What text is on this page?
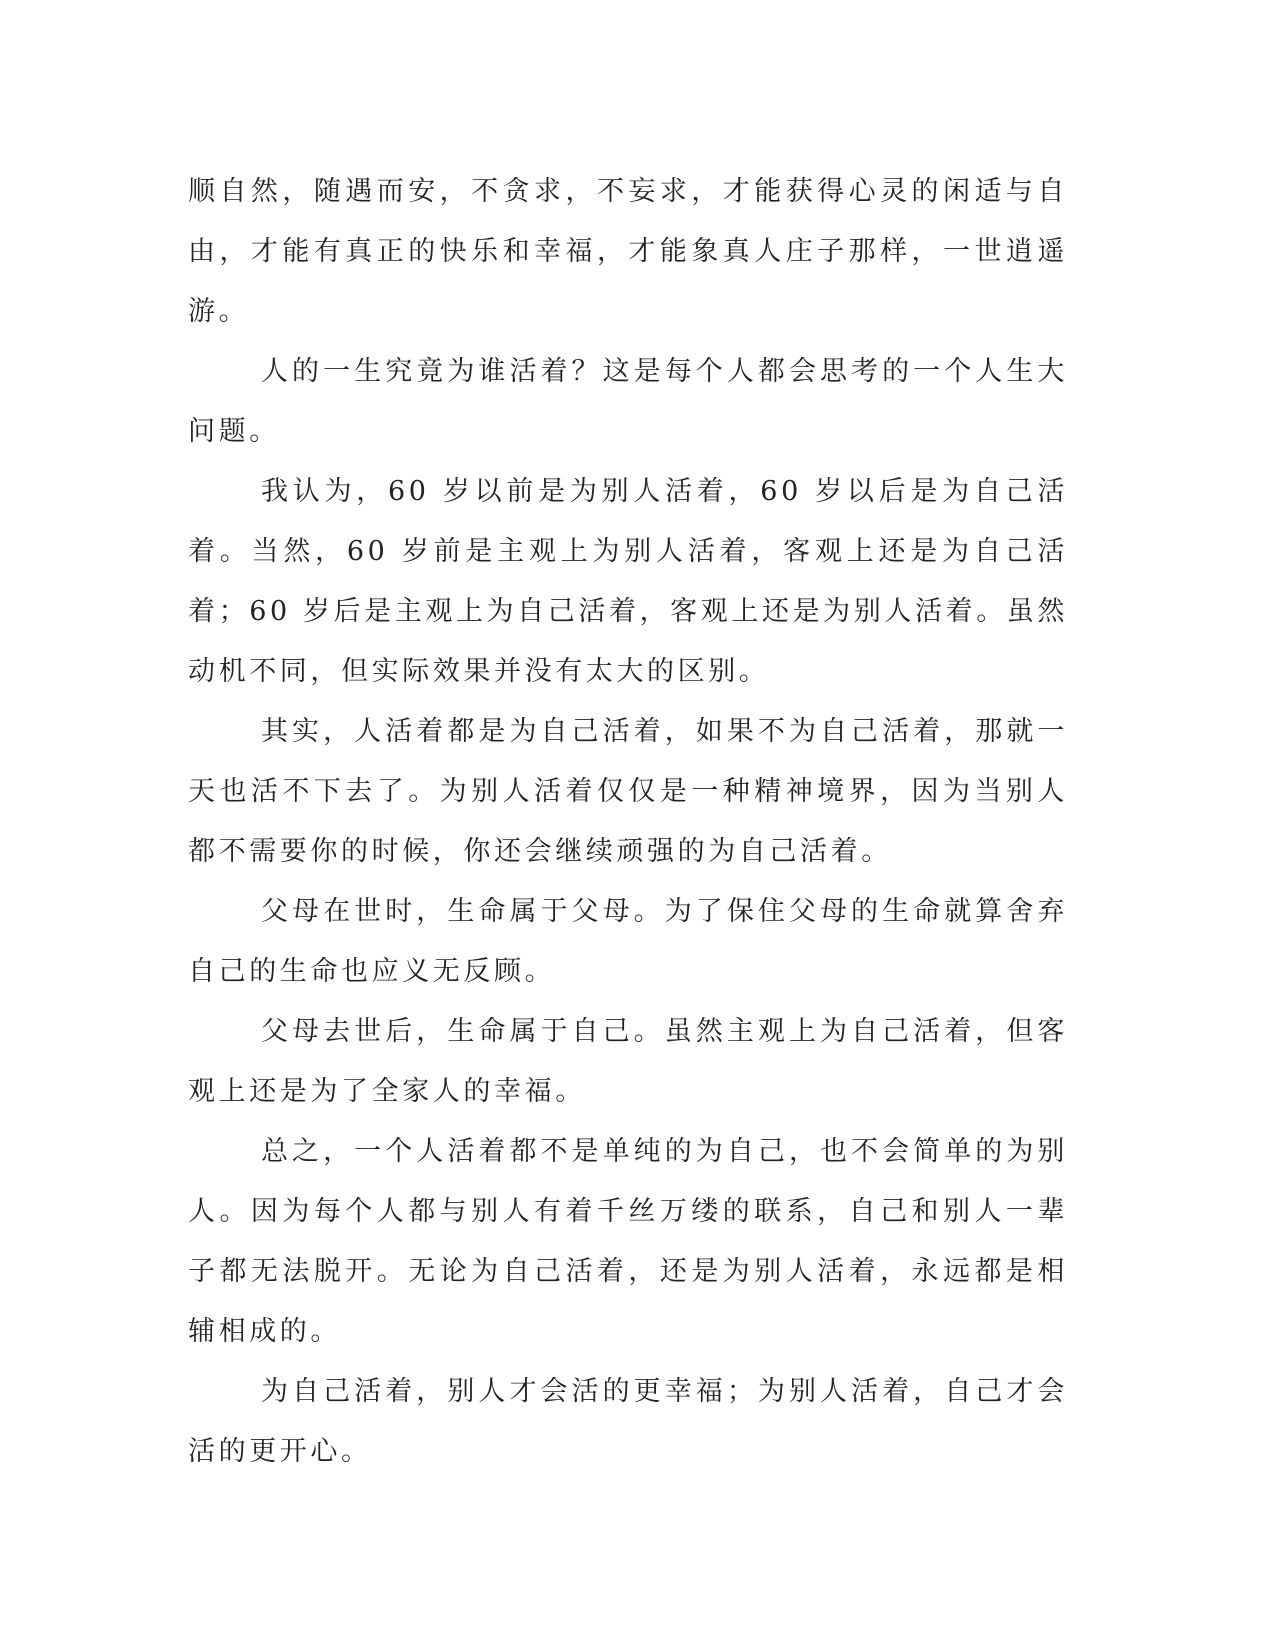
顺自然，随遇而安，不贪求，不妄求，才能获得心灵的闲适与自由，才能有真正的快乐和幸福，才能象真人庄子那样，一世逍遥游。

人的一生究竟为谁活着？这是每个人都会思考的一个人生大问题。

我认为，60 岁以前是为别人活着，60 岁以后是为自己活着。当然，60 岁前是主观上为别人活着，客观上还是为自己活着；60 岁后是主观上为自己活着，客观上还是为别人活着。虽然动机不同，但实际效果并没有太大的区别。

其实，人活着都是为自己活着，如果不为自己活着，那就一天也活不下去了。为别人活着仅仅是一种精神境界，因为当别人都不需要你的时候，你还会继续顽强的为自己活着。

父母在世时，生命属于父母。为了保住父母的生命就算舍弃自己的生命也应义无反顾。

父母去世后，生命属于自己。虽然主观上为自己活着，但客观上还是为了全家人的幸福。

总之，一个人活着都不是单纯的为自己，也不会简单的为别人。因为每个人都与别人有着千丝万缕的联系，自己和别人一辈子都无法脱开。无论为自己活着，还是为别人活着，永远都是相辅相成的。

为自己活着，别人才会活的更幸福；为别人活着，自己才会活的更开心。
